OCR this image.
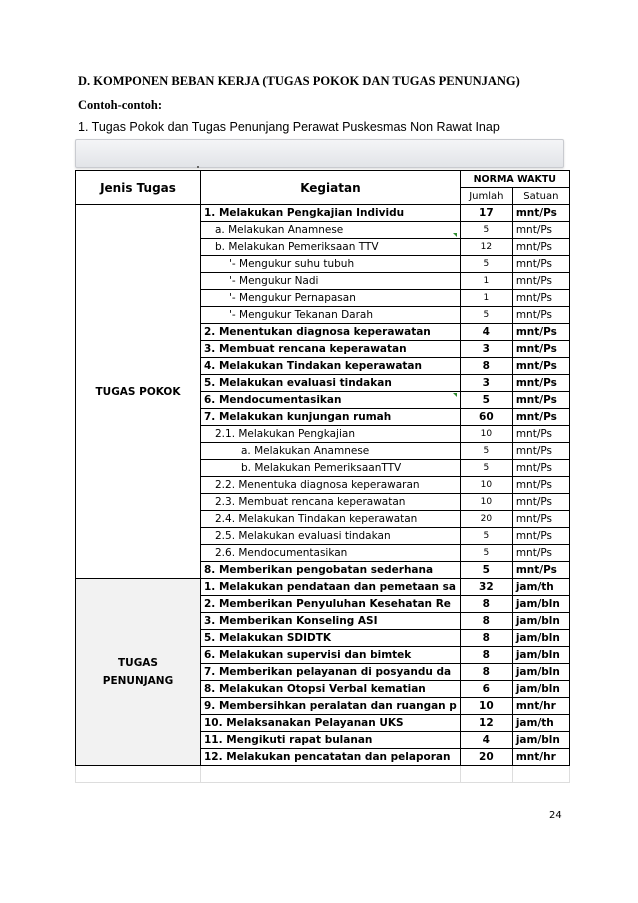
D. KOMPONEN BEBAN KERJA (TUGAS POKOK DAN TUGAS PENUNJANG)
Contoh-contoh:
1. Tugas Pokok dan Tugas Penunjang Perawat Puskesmas Non Rawat Inap
Jenis Tugas	Kegiatan	NORMA WAKTU	
		Jumlah	Satuan
TUGAS POKOK	1. Melakukan Pengkajian Individu	17	mnt/Ps
	a. Melakukan Anamnese	5	mnt/Ps
	b. Melakukan Pemeriksaan TTV	12	mnt/Ps
	'- Mengukur suhu tubuh	5	mnt/Ps
	'- Mengukur Nadi	1	mnt/Ps
	'- Mengukur Pernapasan	1	mnt/Ps
	'- Mengukur Tekanan Darah	5	mnt/Ps
	2. Menentukan diagnosa keperawatan	4	mnt/Ps
	3. Membuat rencana keperawatan	3	mnt/Ps
	4. Melakukan Tindakan keperawatan	8	mnt/Ps
	5. Melakukan evaluasi tindakan	3	mnt/Ps
	6. Mendocumentasikan	5	mnt/Ps
	7. Melakukan kunjungan rumah	60	mnt/Ps
	2.1. Melakukan Pengkajian	10	mnt/Ps
	a. Melakukan Anamnese	5	mnt/Ps
	b. Melakukan PemeriksaanTTV	5	mnt/Ps
	2.2. Menentuka diagnosa keperawaran	10	mnt/Ps
	2.3. Membuat rencana keperawatan	10	mnt/Ps
	2.4. Melakukan Tindakan keperawatan	20	mnt/Ps
	2.5. Melakukan evaluasi tindakan	5	mnt/Ps
	2.6. Mendocumentasikan	5	mnt/Ps
	8. Memberikan pengobatan sederhana	5	mnt/Ps
TUGAS PENUNJANG	1. Melakukan pendataan dan pemetaan sa	32	jam/th
	2. Memberikan Penyuluhan Kesehatan Re	8	jam/bln
	3. Memberikan Konseling ASI	8	jam/bln
	5. Melakukan SDIDTK	8	jam/bln
	6. Melakukan supervisi dan bimtek	8	jam/bln
	7. Memberikan pelayanan di posyandu da	8	jam/bln
	8. Melakukan Otopsi Verbal kematian	6	jam/bln
	9. Membersihkan peralatan dan ruangan p	10	mnt/hr
	10. Melaksanakan Pelayanan UKS	12	jam/th
	11. Mengikuti rapat bulanan	4	jam/bln
	12. Melakukan pencatatan dan pelaporan	20	mnt/hr

24
